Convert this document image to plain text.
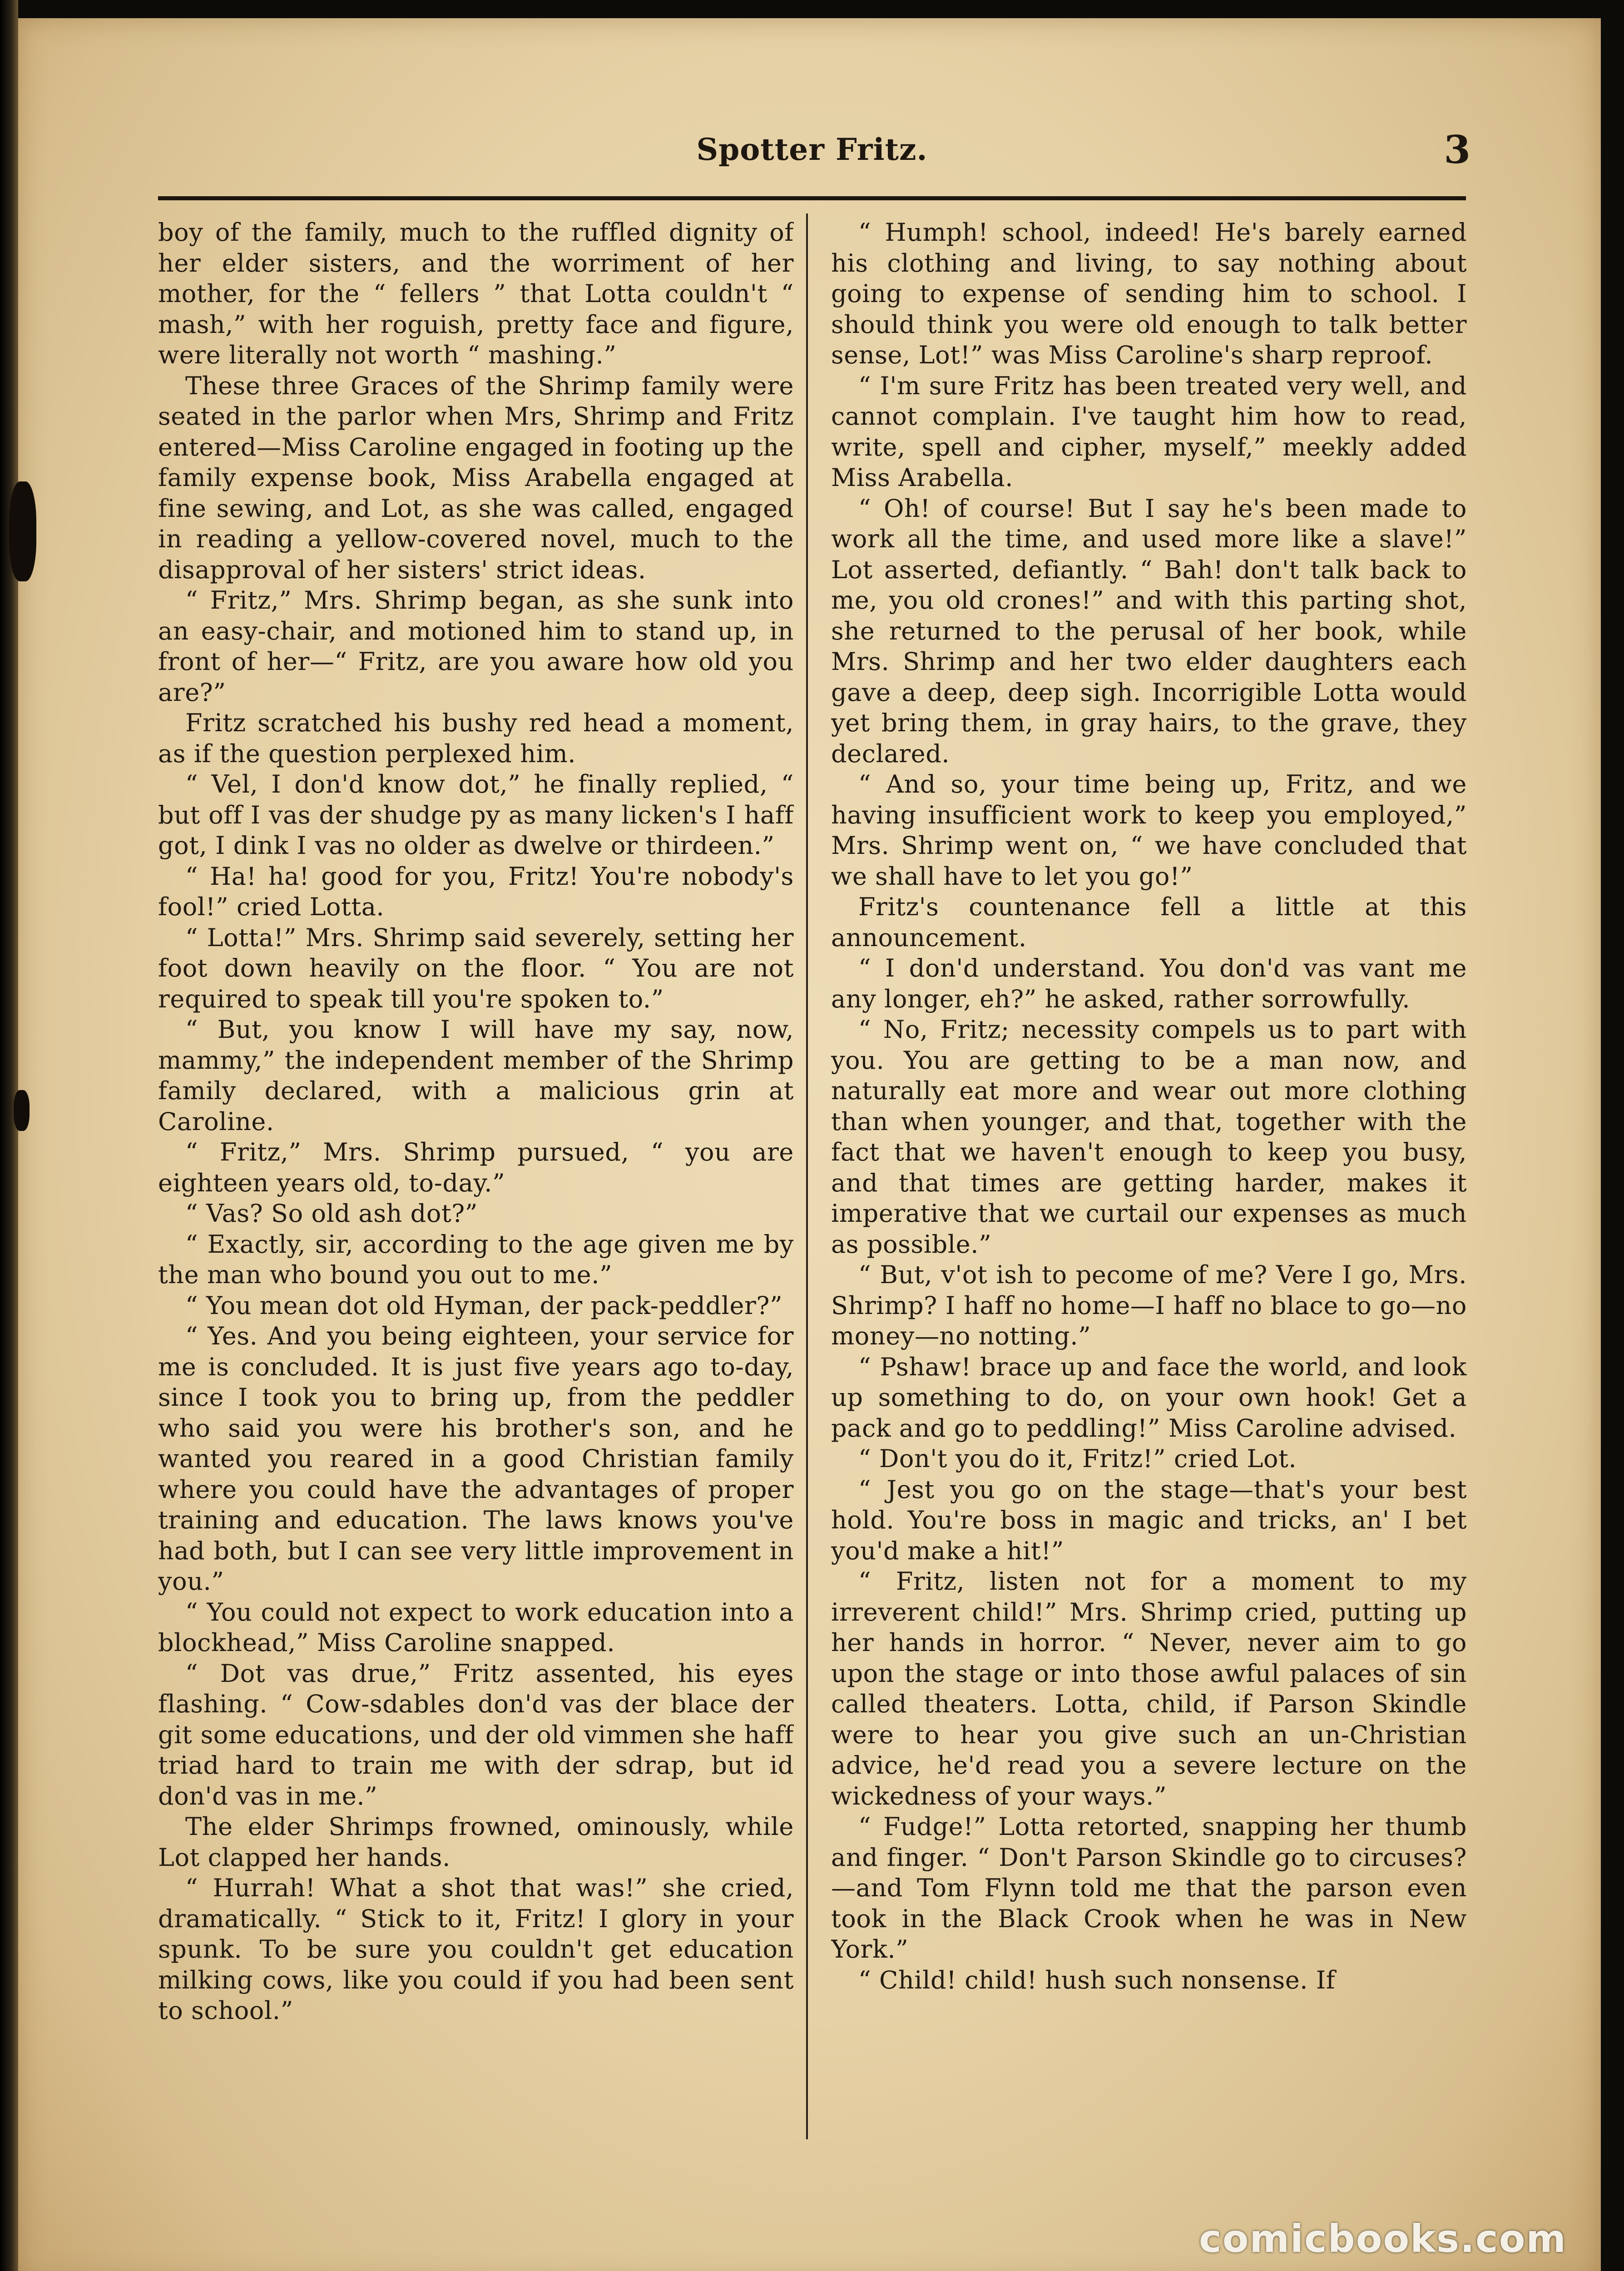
Spotter Fritz.	3

boy of the family, much to the ruffled dignity of her elder sisters, and the worriment of her mother, for the “ fellers ” that Lotta couldn't “ mash,” with her roguish, pretty face and figure, were literally not worth “ mashing.”

These three Graces of the Shrimp family were seated in the parlor when Mrs, Shrimp and Fritz entered—Miss Caroline engaged in footing up the family expense book, Miss Arabella engaged at fine sewing, and Lot, as she was called, engaged in reading a yellow-covered novel, much to the disapproval of her sisters' strict ideas.

“ Fritz,” Mrs. Shrimp began, as she sunk into an easy-chair, and motioned him to stand up, in front of her—“ Fritz, are you aware how old you are?”

Fritz scratched his bushy red head a moment, as if the question perplexed him.

“ Vel, I don'd know dot,” he finally replied, “ but off I vas der shudge py as many licken's I haff got, I dink I vas no older as dwelve or thirdeen.”

“ Ha! ha! good for you, Fritz! You're nobody's fool!” cried Lotta.

“ Lotta!” Mrs. Shrimp said severely, setting her foot down heavily on the floor. “ You are not required to speak till you're spoken to.”

“ But, you know I will have my say, now, mammy,” the independent member of the Shrimp family declared, with a malicious grin at Caroline.

“ Fritz,” Mrs. Shrimp pursued, “ you are eighteen years old, to-day.”

“ Vas? So old ash dot?”

“ Exactly, sir, according to the age given me by the man who bound you out to me.”

“ You mean dot old Hyman, der pack-peddler?”

“ Yes. And you being eighteen, your service for me is concluded. It is just five years ago to-day, since I took you to bring up, from the peddler who said you were his brother's son, and he wanted you reared in a good Christian family where you could have the advantages of proper training and education. The laws knows you've had both, but I can see very little improvement in you.”

“ You could not expect to work education into a blockhead,” Miss Caroline snapped.

“ Dot vas drue,” Fritz assented, his eyes flashing. “ Cow-sdables don'd vas der blace der git some educations, und der old vimmen she haff triad hard to train me with der sdrap, but id don'd vas in me.”

The elder Shrimps frowned, ominously, while Lot clapped her hands.

“ Hurrah! What a shot that was!” she cried, dramatically. “ Stick to it, Fritz! I glory in your spunk. To be sure you couldn't get education milking cows, like you could if you had been sent to school.”

“ Humph! school, indeed! He's barely earned his clothing and living, to say nothing about going to expense of sending him to school. I should think you were old enough to talk better sense, Lot!” was Miss Caroline's sharp reproof.

“ I'm sure Fritz has been treated very well, and cannot complain. I've taught him how to read, write, spell and cipher, myself,” meekly added Miss Arabella.

“ Oh! of course! But I say he's been made to work all the time, and used more like a slave!” Lot asserted, defiantly. “ Bah! don't talk back to me, you old crones!” and with this parting shot, she returned to the perusal of her book, while Mrs. Shrimp and her two elder daughters each gave a deep, deep sigh. Incorrigible Lotta would yet bring them, in gray hairs, to the grave, they declared.

“ And so, your time being up, Fritz, and we having insufficient work to keep you employed,” Mrs. Shrimp went on, “ we have concluded that we shall have to let you go!”

Fritz's countenance fell a little at this announcement.

“ I don'd understand. You don'd vas vant me any longer, eh?” he asked, rather sorrowfully.

“ No, Fritz; necessity compels us to part with you. You are getting to be a man now, and naturally eat more and wear out more clothing than when younger, and that, together with the fact that we haven't enough to keep you busy, and that times are getting harder, makes it imperative that we curtail our expenses as much as possible.”

“ But, v'ot ish to pecome of me? Vere I go, Mrs. Shrimp? I haff no home—I haff no blace to go—no money—no notting.”

“ Pshaw! brace up and face the world, and look up something to do, on your own hook! Get a pack and go to peddling!” Miss Caroline advised.

“ Don't you do it, Fritz!” cried Lot.

“ Jest you go on the stage—that's your best hold. You're boss in magic and tricks, an' I bet you'd make a hit!”

“ Fritz, listen not for a moment to my irreverent child!” Mrs. Shrimp cried, putting up her hands in horror. “ Never, never aim to go upon the stage or into those awful palaces of sin called theaters. Lotta, child, if Parson Skindle were to hear you give such an un-Christian advice, he'd read you a severe lecture on the wickedness of your ways.”

“ Fudge!” Lotta retorted, snapping her thumb and finger. “ Don't Parson Skindle go to circuses?—and Tom Flynn told me that the parson even took in the Black Crook when he was in New York.”

“ Child! child! hush such nonsense. If

comicbooks.com
